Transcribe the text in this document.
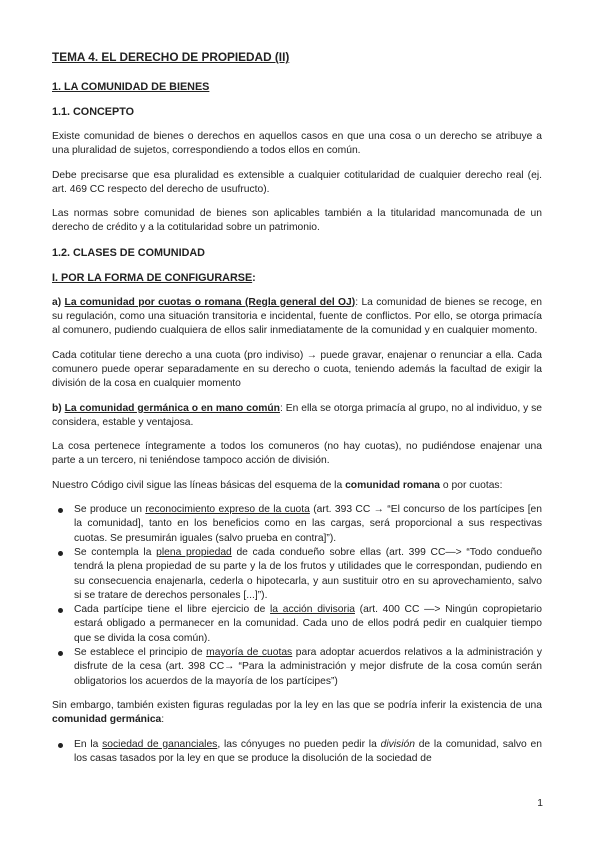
TEMA 4. EL DERECHO DE PROPIEDAD (II)
1. LA COMUNIDAD DE BIENES
1.1. CONCEPTO

Existe comunidad de bienes o derechos en aquellos casos en que una cosa o un derecho se atribuye a una pluralidad de sujetos, correspondiendo a todos ellos en común.

Debe precisarse que esa pluralidad es extensible a cualquier cotitularidad de cualquier derecho real (ej. art. 469 CC respecto del derecho de usufructo).

Las normas sobre comunidad de bienes son aplicables también a la titularidad mancomunada de un derecho de crédito y a la cotitularidad sobre un patrimonio.

1.2. CLASES DE COMUNIDAD
I. POR LA FORMA DE CONFIGURARSE:

a) La comunidad por cuotas o romana (Regla general del OJ): La comunidad de bienes se recoge, en su regulación, como una situación transitoria e incidental, fuente de conflictos. Por ello, se otorga primacía al comunero, pudiendo cualquiera de ellos salir inmediatamente de la comunidad y en cualquier momento.

Cada cotitular tiene derecho a una cuota (pro indiviso) → puede gravar, enajenar o renunciar a ella. Cada comunero puede operar separadamente en su derecho o cuota, teniendo además la facultad de exigir la división de la cosa en cualquier momento

b) La comunidad germánica o en mano común: En ella se otorga primacía al grupo, no al individuo, y se considera, estable y ventajosa.

La cosa pertenece íntegramente a todos los comuneros (no hay cuotas), no pudiéndose enajenar una parte a un tercero, ni teniéndose tampoco acción de división.

Nuestro Código civil sigue las líneas básicas del esquema de la comunidad romana o por cuotas:

Se produce un reconocimiento expreso de la cuota (art. 393 CC → “El concurso de los partícipes [en la comunidad], tanto en los beneficios como en las cargas, será proporcional a sus respectivas cuotas. Se presumirán iguales (salvo prueba en contra]”).
Se contempla la plena propiedad de cada condueño sobre ellas (art. 399 CC—> “Todo condueño tendrá la plena propiedad de su parte y la de los frutos y utilidades que le correspondan, pudiendo en su consecuencia enajenarla, cederla o hipotecarla, y aun sustituir otro en su aprovechamiento, salvo si se tratare de derechos personales [...]”).
Cada partícipe tiene el libre ejercicio de la acción divisoria (art. 400 CC —> Ningún copropietario estará obligado a permanecer en la comunidad. Cada uno de ellos podrá pedir en cualquier tiempo que se divida la cosa común).
Se establece el principio de mayoría de cuotas para adoptar acuerdos relativos a la administración y disfrute de la cesa (art. 398 CC→ “Para la administración y mejor disfrute de la cosa común serán obligatorios los acuerdos de la mayoría de los partícipes”)

Sin embargo, también existen figuras reguladas por la ley en las que se podría inferir la existencia de una comunidad germánica:

En la sociedad de gananciales, las cónyuges no pueden pedir la división de la comunidad, salvo en los casas tasados por la ley en que se produce la disolución de la sociedad de
1
